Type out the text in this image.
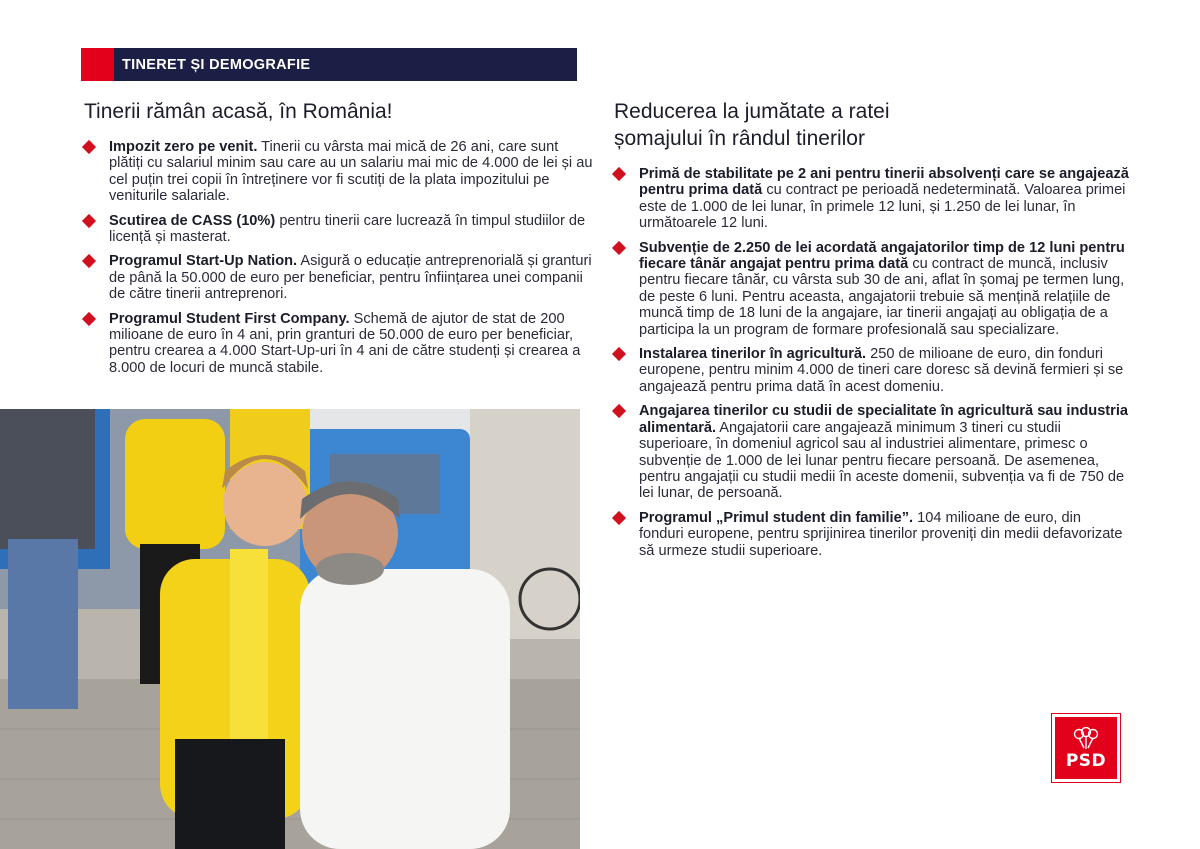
TINERET ȘI DEMOGRAFIE
Tinerii rămân acasă, în România!
Impozit zero pe venit. Tinerii cu vârsta mai mică de 26 ani, care sunt plătiți cu salariul minim sau care au un salariu mai mic de 4.000 de lei și au cel puțin trei copii în întreținere vor fi scutiți de la plata impozitului pe veniturile salariale.
Scutirea de CASS (10%) pentru tinerii care lucrează în timpul studiilor de licență și masterat.
Programul Start-Up Nation. Asigură o educație antreprenorială și granturi de până la 50.000 de euro per beneficiar, pentru înființarea unei companii de către tinerii antreprenori.
Programul Student First Company. Schemă de ajutor de stat de 200 milioane de euro în 4 ani, prin granturi de 50.000 de euro per beneficiar, pentru crearea a 4.000 Start-Up-uri în 4 ani de către studenți și crearea a 8.000 de locuri de muncă stabile.
Reducerea la jumătate a ratei șomajului în rândul tinerilor
Primă de stabilitate pe 2 ani pentru tinerii absolvenți care se angajează pentru prima dată cu contract pe perioadă nedeterminată. Valoarea primei este de 1.000 de lei lunar, în primele 12 luni, și 1.250 de lei lunar, în următoarele 12 luni.
Subvenție de 2.250 de lei acordată angajatorilor timp de 12 luni pentru fiecare tânăr angajat pentru prima dată cu contract de muncă, inclusiv pentru fiecare tânăr, cu vârsta sub 30 de ani, aflat în șomaj pe termen lung, de peste 6 luni. Pentru aceasta, angajatorii trebuie să mențină relațiile de muncă timp de 18 luni de la angajare, iar tinerii angajați au obligația de a participa la un program de formare profesională sau specializare.
Instalarea tinerilor în agricultură. 250 de milioane de euro, din fonduri europene, pentru minim 4.000 de tineri care doresc să devină fermieri și se angajează pentru prima dată în acest domeniu.
Angajarea tinerilor cu studii de specialitate în agricultură sau industria alimentară. Angajatorii care angajează minimum 3 tineri cu studii superioare, în domeniul agricol sau al industriei alimentare, primesc o subvenție de 1.000 de lei lunar pentru fiecare persoană. De asemenea, pentru angajații cu studii medii în aceste domenii, subvenția va fi de 750 de lei lunar, de persoană.
Programul „Primul student din familie”. 104 milioane de euro, din fonduri europene, pentru sprijinirea tinerilor proveniți din medii defavorizate să urmeze studii superioare.
PSD
